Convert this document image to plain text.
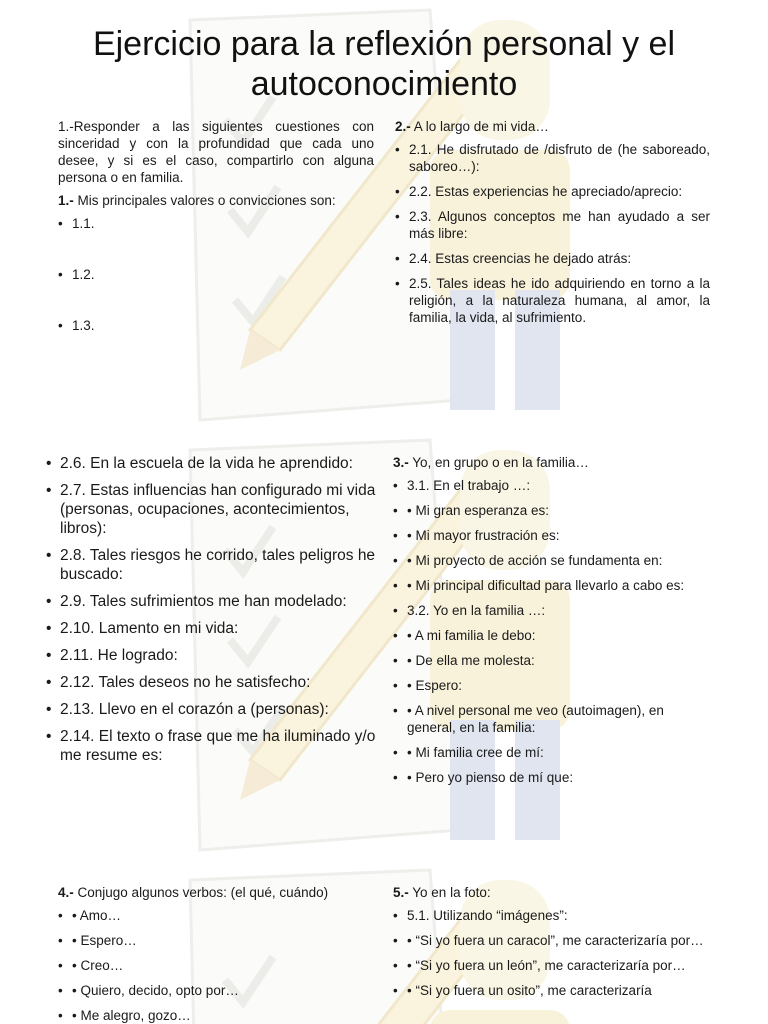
Ejercicio para la reflexión personal y el
autoconocimiento

1.-Responder a las siguientes cuestiones con sinceridad y con la profundidad que cada uno desee, y si es el caso, compartirlo con alguna persona o en familia.

1.- Mis principales valores o convicciones son:

• 1.1.
• 1.2.
• 1.3.

2.- A lo largo de mi vida…

• 2.1. He disfrutado de /disfruto de (he saboreado, saboreo…):
• 2.2. Estas experiencias he apreciado/aprecio:
• 2.3. Algunos conceptos me han ayudado a ser más libre:
• 2.4. Estas creencias he dejado atrás:
• 2.5. Tales ideas he ido adquiriendo en torno a la religión, a la naturaleza humana, al amor, la familia, la vida, al sufrimiento.
• 2.6. En la escuela de la vida he aprendido:
• 2.7. Estas influencias han configurado mi vida (personas, ocupaciones, acontecimientos, libros):
• 2.8. Tales riesgos he corrido, tales peligros he buscado:
• 2.9. Tales sufrimientos me han modelado:
• 2.10. Lamento en mi vida:
• 2.11. He logrado:
• 2.12. Tales deseos no he satisfecho:
• 2.13. Llevo en el corazón a (personas):
• 2.14. El texto o frase que me ha iluminado y/o me resume es:

3.- Yo, en grupo o en la familia…

• 3.1. En el trabajo …:
• • Mi gran esperanza es:
• • Mi mayor frustración es:
• • Mi proyecto de acción se fundamenta en:
• • Mi principal dificultad para llevarlo a cabo es:
• 3.2. Yo en la familia …:
• • A mi familia le debo:
• • De ella me molesta:
• • Espero:
• • A nivel personal me veo (autoimagen), en general, en la familia:
• • Mi familia cree de mí:
• • Pero yo pienso de mí que:

4.- Conjugo algunos verbos: (el qué, cuándo)

• • Amo…
• • Espero…
• • Creo…
• • Quiero, decido, opto por…
• • Me alegro, gozo…

5.- Yo en la foto:

• 5.1. Utilizando “imágenes”:
• • “Si yo fuera un caracol”, me caracterizaría por…
• • “Si yo fuera un león”, me caracterizaría por…
• • “Si yo fuera un osito”, me caracterizaría
